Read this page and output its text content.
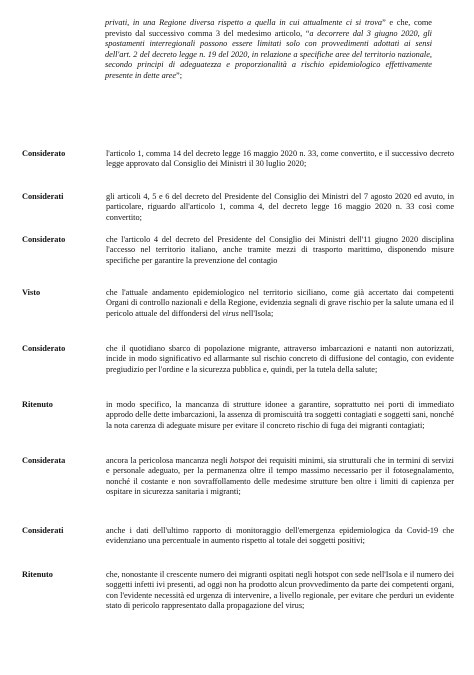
privati, in una Regione diversa rispetto a quella in cui attualmente ci si trova” e che, come previsto dal successivo comma 3 del medesimo articolo, “a decorrere dal 3 giugno 2020, gli spostamenti interregionali possono essere limitati solo con provvedimenti adottati ai sensi dell'art. 2 del decreto legge n. 19 del 2020, in relazione a specifiche aree del territorio nazionale, secondo principi di adeguatezza e proporzionalità a rischio epidemiologico effettivamente presente in dette aree”;
Considerato	l'articolo 1, comma 14 del decreto legge 16 maggio 2020 n. 33, come convertito, e il successivo decreto legge approvato dal Consiglio dei Ministri il 30 luglio 2020;
Considerati	gli articoli 4, 5 e 6 del decreto del Presidente del Consiglio dei Ministri del 7 agosto 2020 ed avuto, in particolare, riguardo all'articolo 1, comma 4, del decreto legge 16 maggio 2020 n. 33 così come convertito;
Considerato	che l'articolo 4 del decreto del Presidente del Consiglio dei Ministri dell'11 giugno 2020 disciplina l'accesso nel territorio italiano, anche tramite mezzi di trasporto marittimo, disponendo misure specifiche per garantire la prevenzione del contagio
Visto	che l'attuale andamento epidemiologico nel territorio siciliano, come già accertato dai competenti Organi di controllo nazionali e della Regione, evidenzia segnali di grave rischio per la salute umana ed il pericolo attuale del diffondersi del virus nell'Isola;
Considerato	che il quotidiano sbarco di popolazione migrante, attraverso imbarcazioni e natanti non autorizzati, incide in modo significativo ed allarmante sul rischio concreto di diffusione del contagio, con evidente pregiudizio per l'ordine e la sicurezza pubblica e, quindi, per la tutela della salute;
Ritenuto	in modo specifico, la mancanza di strutture idonee a garantire, soprattutto nei porti di immediato approdo delle dette imbarcazioni, la assenza di promiscuità tra soggetti contagiati e soggetti sani, nonché la nota carenza di adeguate misure per evitare il concreto rischio di fuga dei migranti contagiati;
Considerata	ancora la pericolosa mancanza negli hotspot dei requisiti minimi, sia strutturali che in termini di servizi e personale adeguato, per la permanenza oltre il tempo massimo necessario per il fotosegnalamento, nonché il costante e non sovraffollamento delle medesime strutture ben oltre i limiti di capienza per ospitare in sicurezza sanitaria i migranti;
Considerati	anche i dati dell'ultimo rapporto di monitoraggio dell'emergenza epidemiologica da Covid-19 che evidenziano una percentuale in aumento rispetto al totale dei soggetti positivi;
Ritenuto	che, nonostante il crescente numero dei migranti ospitati negli hotspot con sede nell'Isola e il numero dei soggetti infetti ivi presenti, ad oggi non ha prodotto alcun provvedimento da parte dei competenti organi, con l'evidente necessità ed urgenza di intervenire, a livello regionale, per evitare che perduri un evidente stato di pericolo rappresentato dalla propagazione del virus;
